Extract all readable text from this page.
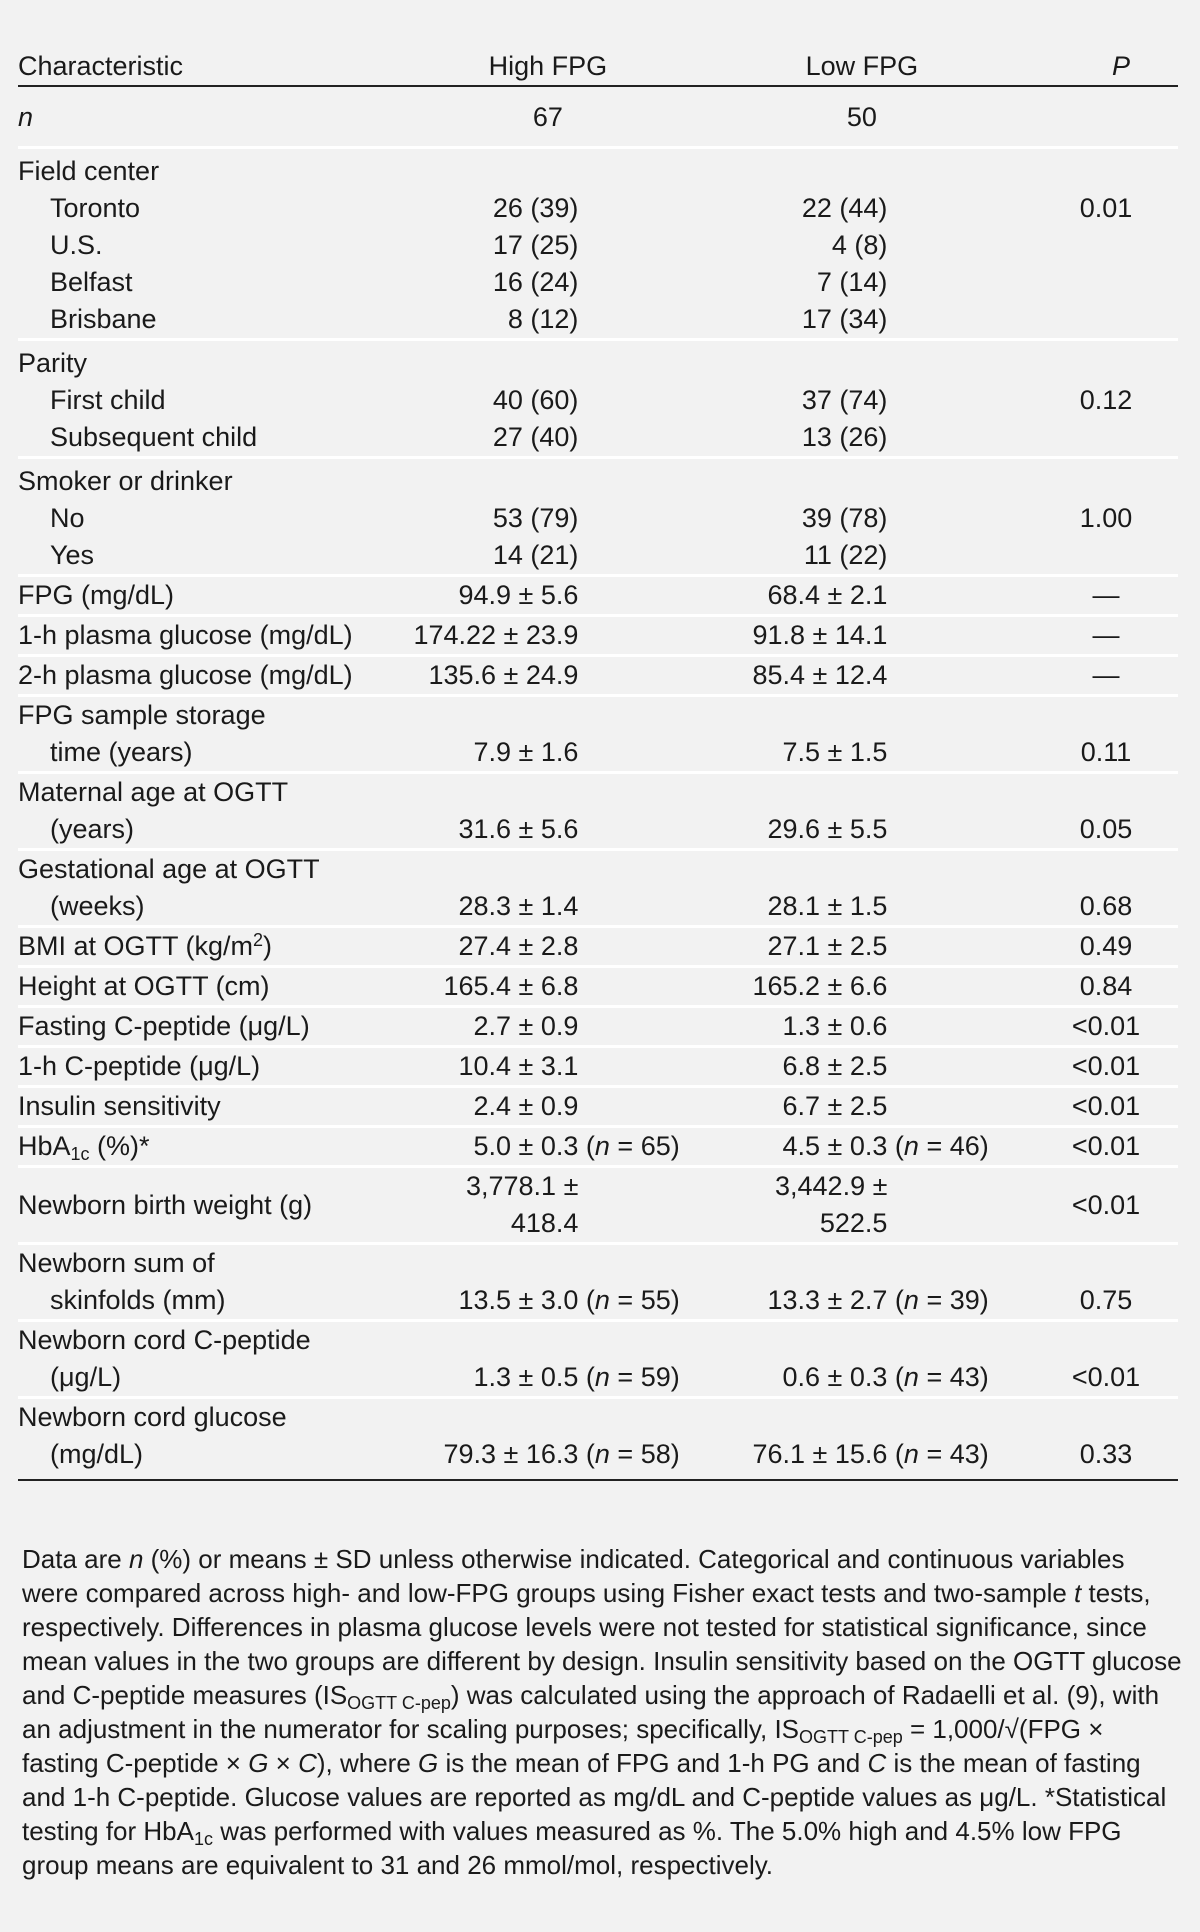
Characteristic	High FPG	Low FPG	P
n	67	50	
Field center			
Toronto	26 (39)	22 (44)	0.01
U.S.	17 (25)	4 (8)	
Belfast	16 (24)	7 (14)	
Brisbane	8 (12)	17 (34)	
Parity			
First child	40 (60)	37 (74)	0.12
Subsequent child	27 (40)	13 (26)	
Smoker or drinker			
No	53 (79)	39 (78)	1.00
Yes	14 (21)	11 (22)	
FPG (mg/dL)	94.9 ± 5.6	68.4 ± 2.1	—
1-h plasma glucose (mg/dL)	174.22 ± 23.9	91.8 ± 14.1	—
2-h plasma glucose (mg/dL)	135.6 ± 24.9	85.4 ± 12.4	—
FPG sample storage			
time (years)	7.9 ± 1.6	7.5 ± 1.5	0.11
Maternal age at OGTT			
(years)	31.6 ± 5.6	29.6 ± 5.5	0.05
Gestational age at OGTT			
(weeks)	28.3 ± 1.4	28.1 ± 1.5	0.68
BMI at OGTT $(kg/m^2)$	27.4 ± 2.8	27.1 ± 2.5	0.49
Height at OGTT (cm)	165.4 ± 6.8	165.2 ± 6.6	0.84
Fasting C-peptide (μg/L)	2.7 ± 0.9	1.3 ± 0.6	<0.01
1-h C-peptide (μg/L)	10.4 ± 3.1	6.8 ± 2.5	<0.01
Insulin sensitivity	2.4 ± 0.9	6.7 ± 2.5	<0.01
HbA$_{1c}$ (%)*	5.0 ± 0.3 (n = 65)	4.5 ± 0.3 (n = 46)	<0.01
Newborn birth weight (g)	3,778.1 ± 418.4	3,442.9 ± 522.5	<0.01
Newborn sum of			
skinfolds (mm)	13.5 ± 3.0 (n = 55)	13.3 ± 2.7 (n = 39)	0.75
Newborn cord C-peptide			
(μg/L)	1.3 ± 0.5 (n = 59)	0.6 ± 0.3 (n = 43)	<0.01
Newborn cord glucose			
(mg/dL)	79.3 ± 16.3 (n = 58)	76.1 ± 15.6 (n = 43)	0.33
Data are n (%) or means ± SD unless otherwise indicated. Categorical and continuous variables were compared across high- and low-FPG groups using Fisher exact tests and two-sample t tests, respectively. Differences in plasma glucose levels were not tested for statistical significance, since mean values in the two groups are different by design. Insulin sensitivity based on the OGTT glucose and C-peptide measures $(IS_{OGTT C-pep})$ was calculated using the approach of Radaelli et al. (9), with an adjustment in the numerator for scaling purposes; specifically, $IS_{OGTT C-pep} = 1,000/√(FPG$ × fasting C-peptide × G × C), where G is the mean of FPG and 1-h PG and C is the mean of fasting and 1-h C-peptide. Glucose values are reported as mg/dL and C-peptide values as μg/L. *Statistical testing for HbA$_{1c}$ was performed with values measured as %. The 5.0% high and 4.5% low FPG group means are equivalent to 31 and 26 mmol/mol, respectively.
